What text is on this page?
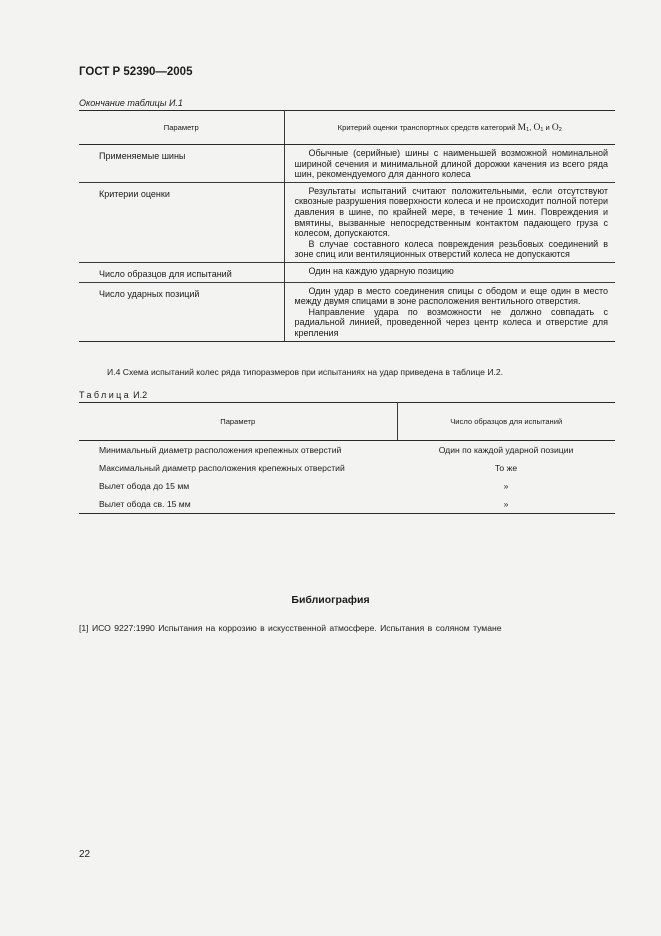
ГОСТ Р 52390—2005
Окончание таблицы И.1
Параметр	Критерий оценки транспортных средств категорий $M_1$, $O_1$ и $O_2$
Применяемые шины	Обычные (серийные) шины с наименьшей возможной номинальной шириной сечения и минимальной длиной дорожки качения из всего ряда шин, рекомендуемого для данного колеса

Критерии оценки	Результаты испытаний считают положительными, если отсутствуют сквозные разрушения поверхности колеса и не происходит полной потери давления в шине, по крайней мере, в течение 1 мин. Повреждения и вмятины, вызванные непосредственным контактом падающего груза с колесом, допускаются.
В случае составного колеса повреждения резьбовых соединений в зоне спиц или вентиляционных отверстий колеса не допускаются

Число образцов для испытаний	Один на каждую ударную позицию

Число ударных позиций	Один удар в место соединения спицы с ободом и еще один в место между двумя спицами в зоне расположения вентильного отверстия.
Направление удара по возможности не должно совпадать с радиальной линией, проведенной через центр колеса и отверстие для крепления
И.4 Схема испытаний колес ряда типоразмеров при испытаниях на удар приведена в таблице И.2.
Таблица И.2
Параметр	Число образцов для испытаний
Минимальный диаметр расположения крепежных отверстий	Один по каждой ударной позиции
Максимальный диаметр расположения крепежных отверстий	То же
Вылет обода до 15 мм	»
Вылет обода св. 15 мм	»
Библиография
[1] ИСО 9227:1990 Испытания на коррозию в искусственной атмосфере. Испытания в соляном тумане
22
